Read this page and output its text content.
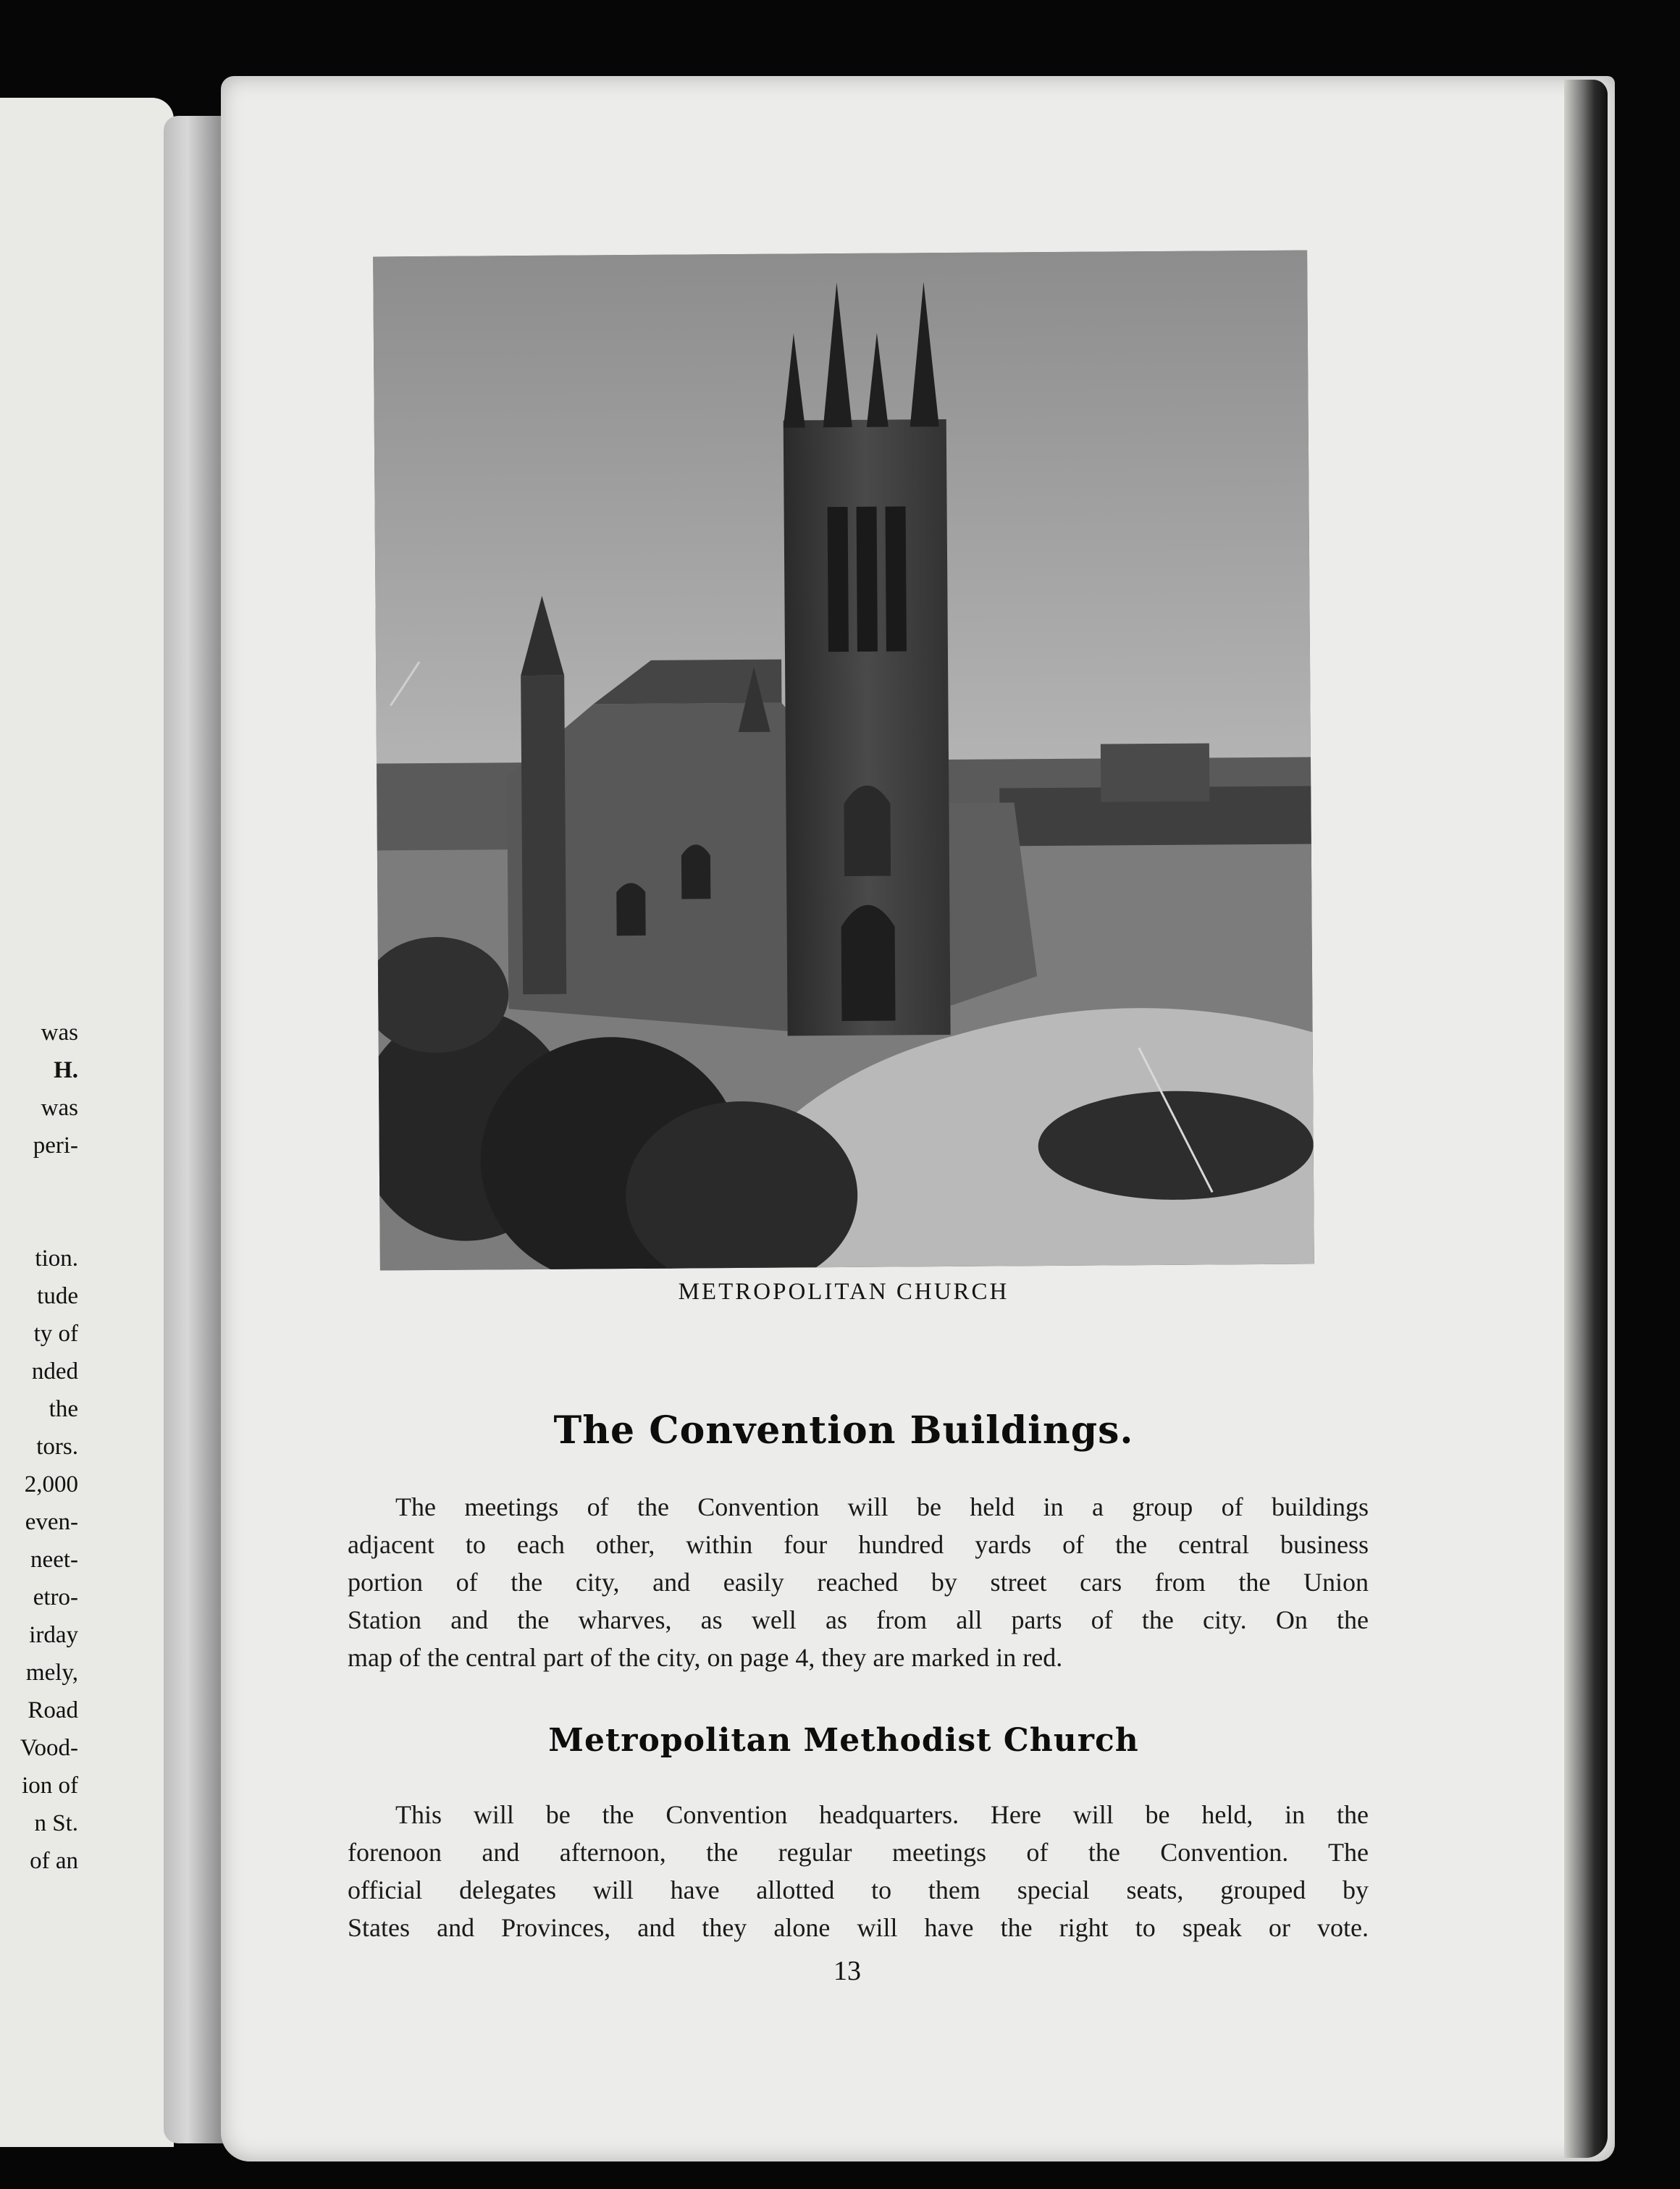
was
H.
was
peri-
tion.
tude
ty of
nded
the
tors.
2,000
even-
neet-
etro-
irday
mely,
Road
Vood-
ion of
n St.
of an
METROPOLITAN CHURCH
The Convention Buildings.
The meetings of the Convention will be held in a group of buildings
adjacent to each other, within four hundred yards of the central business
portion of the city, and easily reached by street cars from the Union
Station and the wharves, as well as from all parts of the city. On the
map of the central part of the city, on page 4, they are marked in red.
Metropolitan Methodist Church
This will be the Convention headquarters. Here will be held, in the
forenoon and afternoon, the regular meetings of the Convention. The
official delegates will have allotted to them special seats, grouped by
States and Provinces, and they alone will have the right to speak or vote.
13
